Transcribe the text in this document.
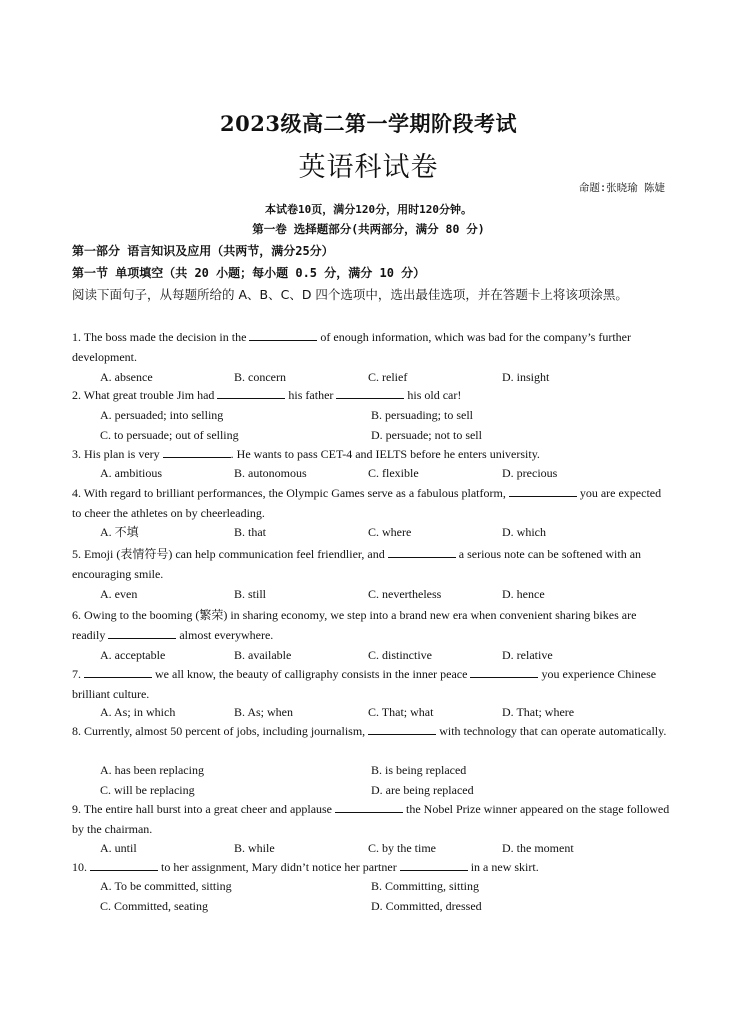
2023级高二第一学期阶段考试
英语科试卷
命题:张晓瑜 陈婕
本试卷10页，满分120分，用时120分钟。
第一卷 选择题部分(共两部分，满分 80 分)
第一部分 语言知识及应用（共两节，满分25分）
第一节 单项填空（共 20 小题；每小题 0.5 分，满分 10 分）
阅读下面句子，从每题所给的 A、B、C、D 四个选项中，选出最佳选项，并在答题卡上将该项涂黑。
1. The boss made the decision in the	of enough information, which was bad for the company’s further development.
A. absence	B. concern	C. relief	D. insight
2. What great trouble Jim had	his father	his old car!
A. persuaded; into selling	B. persuading; to sell
C. to persuade; out of selling	D. persuade; not to sell
3. His plan is very	. He wants to pass CET-4 and IELTS before he enters university.
A. ambitious	B. autonomous	C. flexible	D. precious
4. With regard to brilliant performances, the Olympic Games serve as a fabulous platform,	you are expected to cheer the athletes on by cheerleading.
A. 不填	B. that	C. where	D. which
5. Emoji (表情符号) can help communication feel friendlier, and	a serious note can be softened with an encouraging smile.
A. even	B. still	C. nevertheless	D. hence
6. Owing to the booming (繁荣) in sharing economy, we step into a brand new era when convenient sharing bikes are readily	almost everywhere.
A. acceptable	B. available	C. distinctive	D. relative
7.	we all know, the beauty of calligraphy consists in the inner peace	you experience Chinese brilliant culture.
A. As; in which	B. As; when	C. That; what	D. That; where
8. Currently, almost 50 percent of jobs, including journalism,	with technology that can operate automatically.
A. has been replacing	B. is being replaced
C. will be replacing	D. are being replaced
9. The entire hall burst into a great cheer and applause	the Nobel Prize winner appeared on the stage followed by the chairman.
A. until	B. while	C. by the time	D. the moment
10.	to her assignment, Mary didn’t notice her partner	in a new skirt.
A. To be committed, sitting	B. Committing, sitting
C. Committed, seating	D. Committed, dressed
